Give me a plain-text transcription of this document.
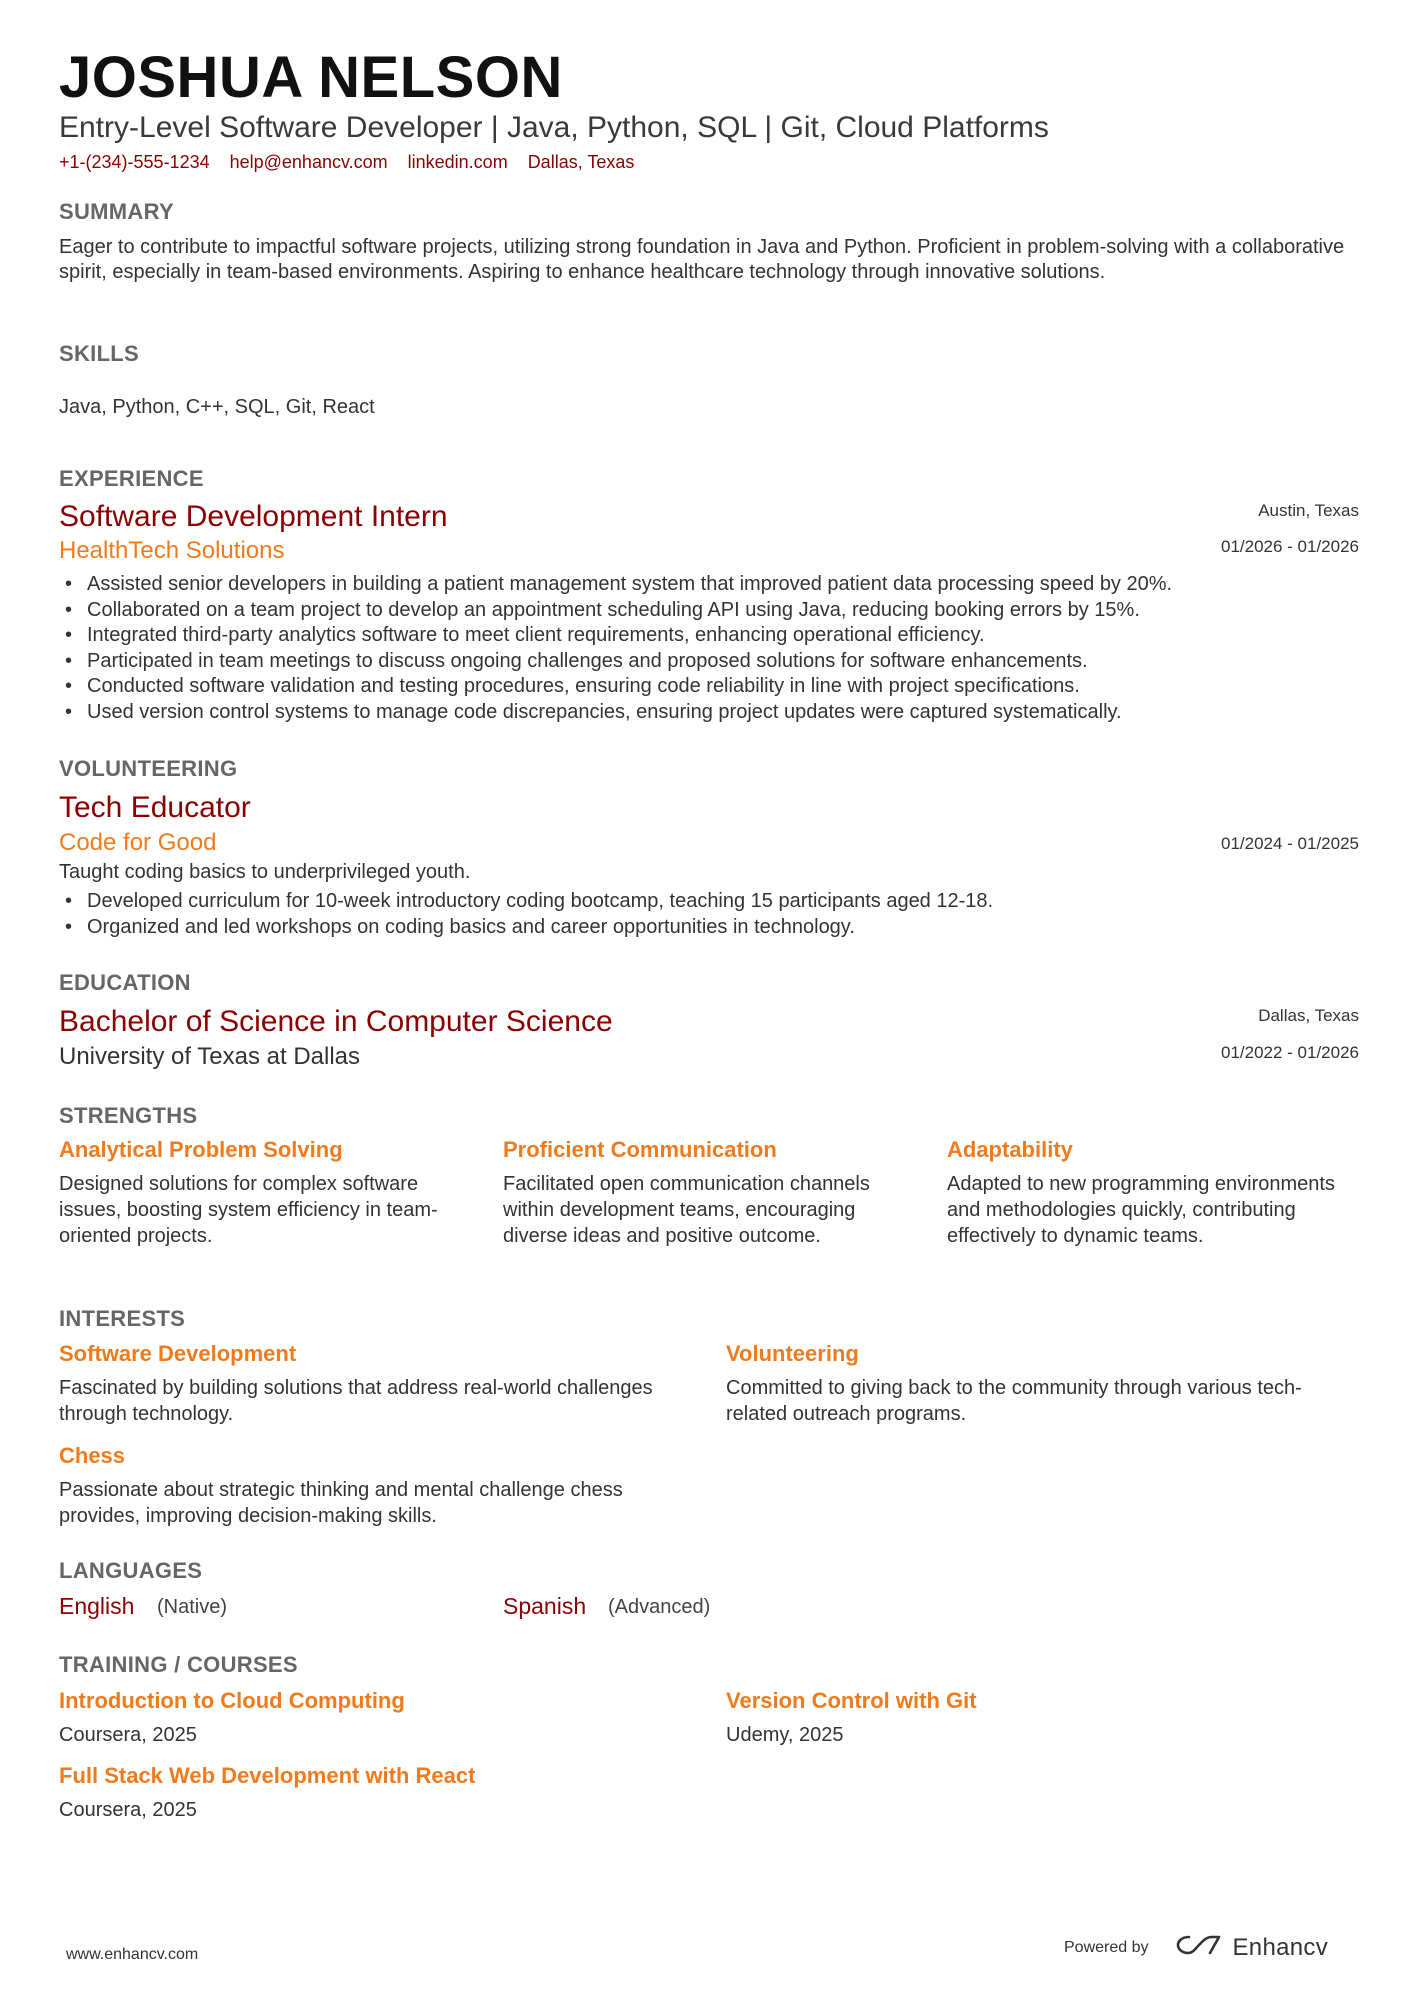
JOSHUA NELSON

Entry-Level Software Developer | Java, Python, SQL | Git, Cloud Platforms

+1-(234)-555-1234 help@enhancv.com linkedin.com Dallas, Texas
SUMMARY

Eager to contribute to impactful software projects, utilizing strong foundation in Java and Python. Proficient in problem-solving with a collaborative spirit, especially in team-based environments. Aspiring to enhance healthcare technology through innovative solutions.

SKILLS

Java, Python, C++, SQL, Git, React

EXPERIENCE
Software Development Intern
HealthTech Solutions
Austin, Texas
01/2026 - 01/2026
• Assisted senior developers in building a patient management system that improved patient data processing speed by 20%.
• Collaborated on a team project to develop an appointment scheduling API using Java, reducing booking errors by 15%.
• Integrated third-party analytics software to meet client requirements, enhancing operational efficiency.
• Participated in team meetings to discuss ongoing challenges and proposed solutions for software enhancements.
• Conducted software validation and testing procedures, ensuring code reliability in line with project specifications.
• Used version control systems to manage code discrepancies, ensuring project updates were captured systematically.
VOLUNTEERING
Tech Educator
Code for Good	01/2024 - 01/2025

Taught coding basics to underprivileged youth.

• Developed curriculum for 10-week introductory coding bootcamp, teaching 15 participants aged 12-18.
• Organized and led workshops on coding basics and career opportunities in technology.
EDUCATION
Bachelor of Science in Computer Science
University of Texas at Dallas
Dallas, Texas
01/2022 - 01/2026
STRENGTHS
Analytical Problem Solving

Designed solutions for complex software issues, boosting system efficiency in team-oriented projects.

Proficient Communication

Facilitated open communication channels within development teams, encouraging diverse ideas and positive outcome.

Adaptability

Adapted to new programming environments and methodologies quickly, contributing effectively to dynamic teams.

INTERESTS
Software Development

Fascinated by building solutions that address real-world challenges through technology.

Volunteering

Committed to giving back to the community through various tech-related outreach programs.

Chess

Passionate about strategic thinking and mental challenge chess provides, improving decision-making skills.

LANGUAGES
English (Native)	Spanish (Advanced)
TRAINING / COURSES
Introduction to Cloud Computing
Coursera, 2025
Version Control with Git
Udemy, 2025
Full Stack Web Development with React
Coursera, 2025
www.enhancv.com	Powered by	Enhancv
